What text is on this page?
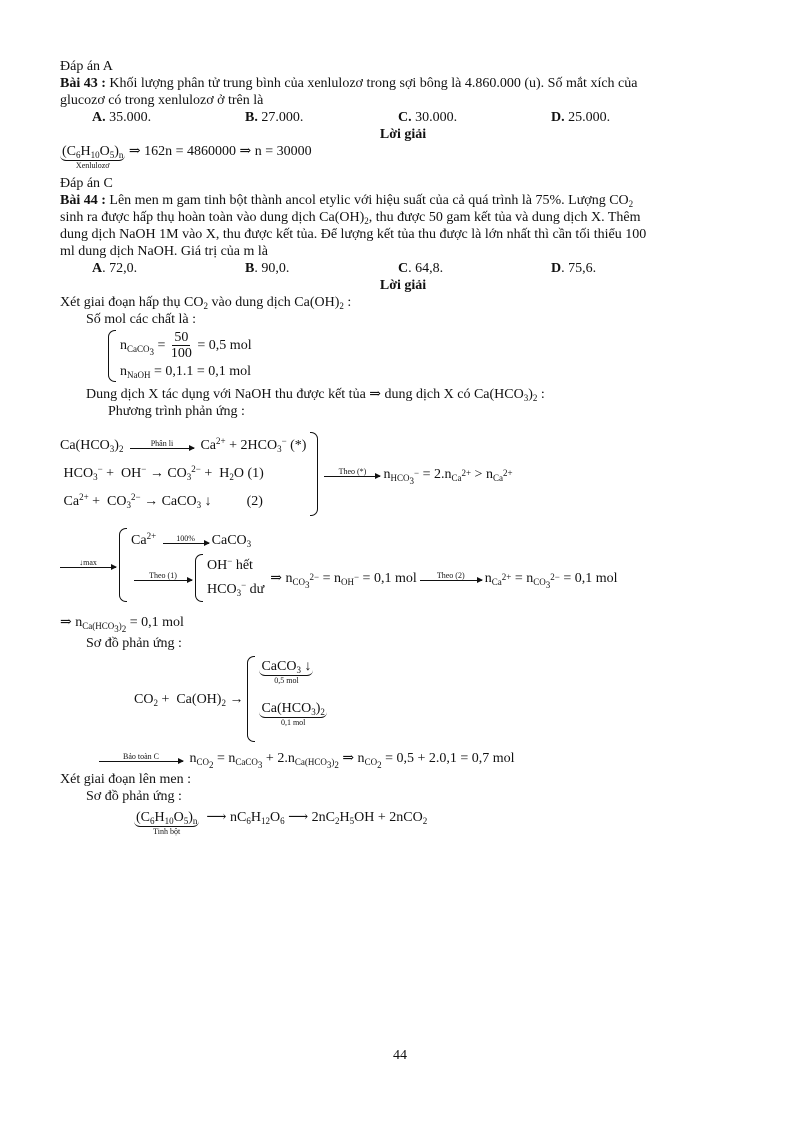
Đáp án A

Bài 43 : Khối lượng phân tử trung bình của xenlulozơ trong sợi bông là 4.860.000 (u). Số mắt xích của

glucozơ có trong xenlulozơ ở trên là

A. 35.000.	B. 27.000.	C. 30.000.	D. 25.000.

Lời giải

$(C_6H_{10}O_5)_n$
Xenlulozơ
⇒ 162n = 4860000 ⇒ n = 30000

Đáp án C

Bài 44 : Lên men m gam tinh bột thành ancol etylic với hiệu suất của cả quá trình là 75%. Lượng $CO_2$

sinh ra được hấp thụ hoàn toàn vào dung dịch $Ca(OH)_2$, thu được 50 gam kết tủa và dung dịch X. Thêm

dung dịch NaOH 1M vào X, thu được kết tủa. Để lượng kết tủa thu được là lớn nhất thì cần tối thiểu 100

ml dung dịch NaOH. Giá trị của m là

A. 72,0.	B. 90,0.	C. 64,8.	D. 75,6.

Lời giải

Xét giai đoạn hấp thụ $CO_2$ vào dung dịch $Ca(OH)_2$ :

Số mol các chất là :

$n_{CaCO_3} = \frac{50}{100} = 0,5$ mol
$n_{NaOH} = 0,1.1 = 0,1$ mol

Dung dịch X tác dụng với NaOH thu được kết tủa ⇒ dung dịch X có $Ca(HCO_3)_2$ :

Phương trình phản ứng :

$Ca(HCO_3)_2$
Phân li $Ca^{2+} + 2HCO_3^-$ (*)
$HCO_3^- + OH^- \to CO_3^{2-} + H_2O$ (1)
$Ca^{2+} + CO_3^{2-}$ → CaCO$_3$ ↓          (2)
Theo (*) $n_{HCO_3^-} = 2.n_{Ca^{2+}} > n_{Ca^{2+}}$
↓max
$Ca^{2+}$	100% CaCO$_3$
Theo (1)
OH− hết
$HCO_3^-$ dư
⇒ $n_{CO_3^{2-}} = n_{OH^-} = 0,1$ mol	Theo (2) $n_{Ca^{2+}} = n_{CO_3^{2-}} = 0,1$ mol

⇒ $n_{Ca(HCO_3)_2} = 0,1$ mol

Sơ đồ phản ứng :

$CO_2 + Ca(OH)_2$ →
CaCO$_3$ ↓
0,5 mol
$Ca(HCO_3)_2$
0,1 mol

Bảo toàn C $n_{CO_2} = n_{CaCO_3} + 2.n_{Ca(HCO_3)_2}$ ⇒ $n_{CO_2} = 0,5 + 2.0,1 = 0,7$ mol

Xét giai đoạn lên men :

Sơ đồ phản ứng :

$(C_6H_{10}O_5)_n$
Tinh bột
⟶ $nC_6H_{12}O_6$ ⟶ $2nC_2H_5OH + 2nCO_2$

44
